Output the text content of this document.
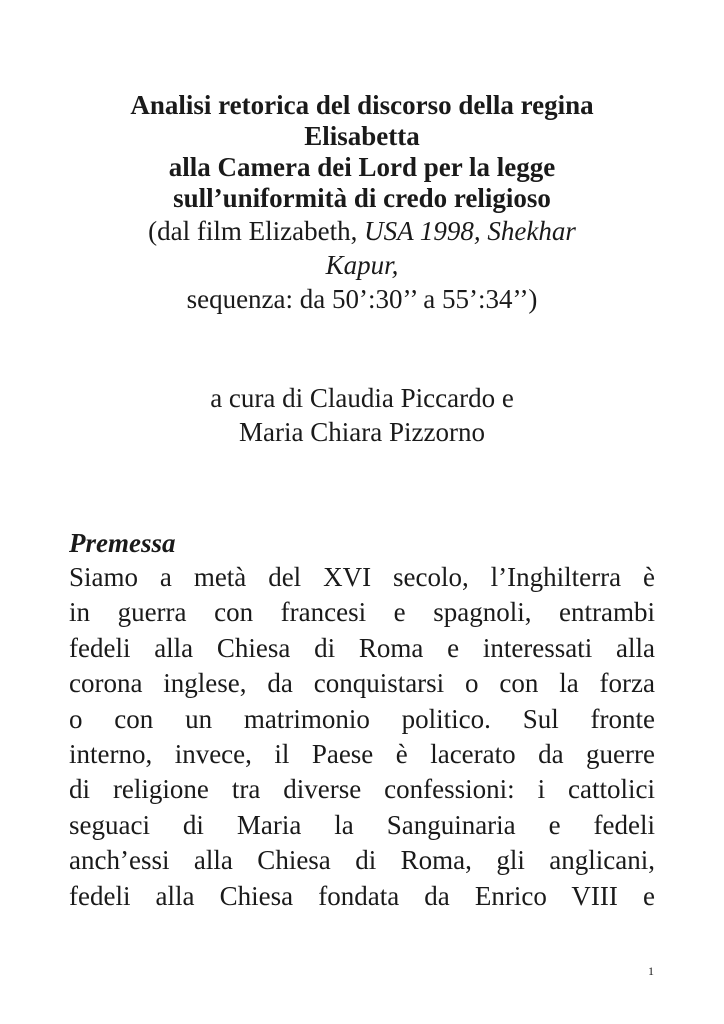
Analisi retorica del discorso della regina

Elisabetta

alla Camera dei Lord per la legge

sull’uniformità di credo religioso

(dal film Elizabeth, USA 1998, Shekhar

Kapur,

sequenza: da 50’:30’’ a 55’:34’’)

a cura di Claudia Piccardo e

Maria Chiara Pizzorno

Premessa

Siamo a metà del XVI secolo, l’Inghilterra è

in guerra con francesi e spagnoli, entrambi

fedeli alla Chiesa di Roma e interessati alla

corona inglese, da conquistarsi o con la forza

o con un matrimonio politico. Sul fronte

interno, invece, il Paese è lacerato da guerre

di religione tra diverse confessioni: i cattolici

seguaci di Maria la Sanguinaria e fedeli

anch’essi alla Chiesa di Roma, gli anglicani,

fedeli alla Chiesa fondata da Enrico VIII e

1
